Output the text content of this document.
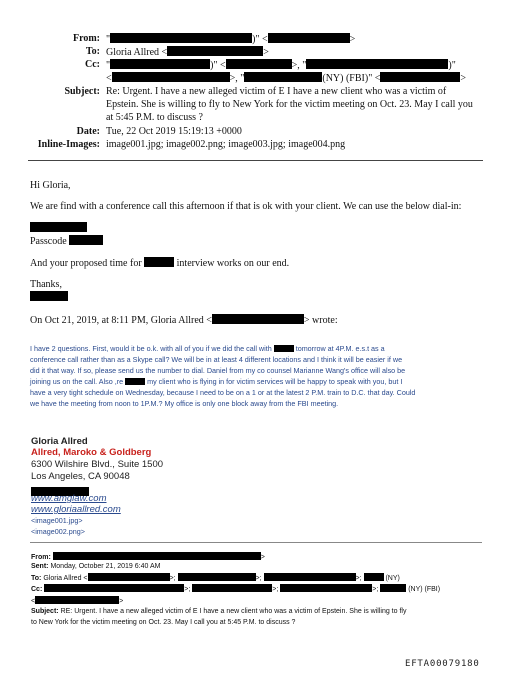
From: "	)" <	>
To: Gloria Allred <	>
Cc: "	)" <	>, "	)"
<	>, "	(NY) (FBI)" <	>
Subject: Re: Urgent. I have a new alleged victim of E I have a new client who was a victim of
Epstein. She is willing to fly to New York for the victim meeting on Oct. 23. May I call you
at 5:45 P.M. to discuss ?
Date: Tue, 22 Oct 2019 15:19:13 +0000
Inline-Images: image001.jpg; image002.png; image003.jpg; image004.png
Hi Gloria,
We are find with a conference call this afternoon if that is ok with your client. We can use the below dial-in:
Passcode
And your proposed time for	interview works on our end.
Thanks,
On Oct 21, 2019, at 8:11 PM, Gloria Allred <	> wrote:
I have 2 questions. First, would it be o.k. with all of you if we did the call with	tomorrow at 4P.M. e.s.t as a
conference call rather than as a Skype call? We will be in at least 4 different locations and I think it will be easier if we
did it that way. If so, please send us the number to dial. Daniel from my co counsel Marianne Wang's office will also be
joining us on the call. Also ,re	my client who is flying in for victim services will be happy to speak with you, but I
have a very tight schedule on Wednesday, because I need to be on a 1 or at the latest 2 P.M. train to D.C. that day. Could
we have the meeting from noon to 1P.M.? My office is only one block away from the FBI meeting.
Gloria Allred
Allred, Maroko & Goldberg
6300 Wilshire Blvd., Suite 1500
Los Angeles, CA 90048
www.amglaw.com
www.gloriaallred.com
<image001.jpg>
<image002.png>
From:	>
Sent: Monday, October 21, 2019 6:40 AM
To: Gloria Allred <	>;	>;	>;	(NY)
Cc:	>;	>;	>;	(NY) (FBI)
<	>
Subject: RE: Urgent. I have a new alleged victim of E I have a new client who was a victim of Epstein. She is willing to fly
to New York for the victim meeting on Oct. 23. May I call you at 5:45 P.M. to discuss ?
EFTA00079180
